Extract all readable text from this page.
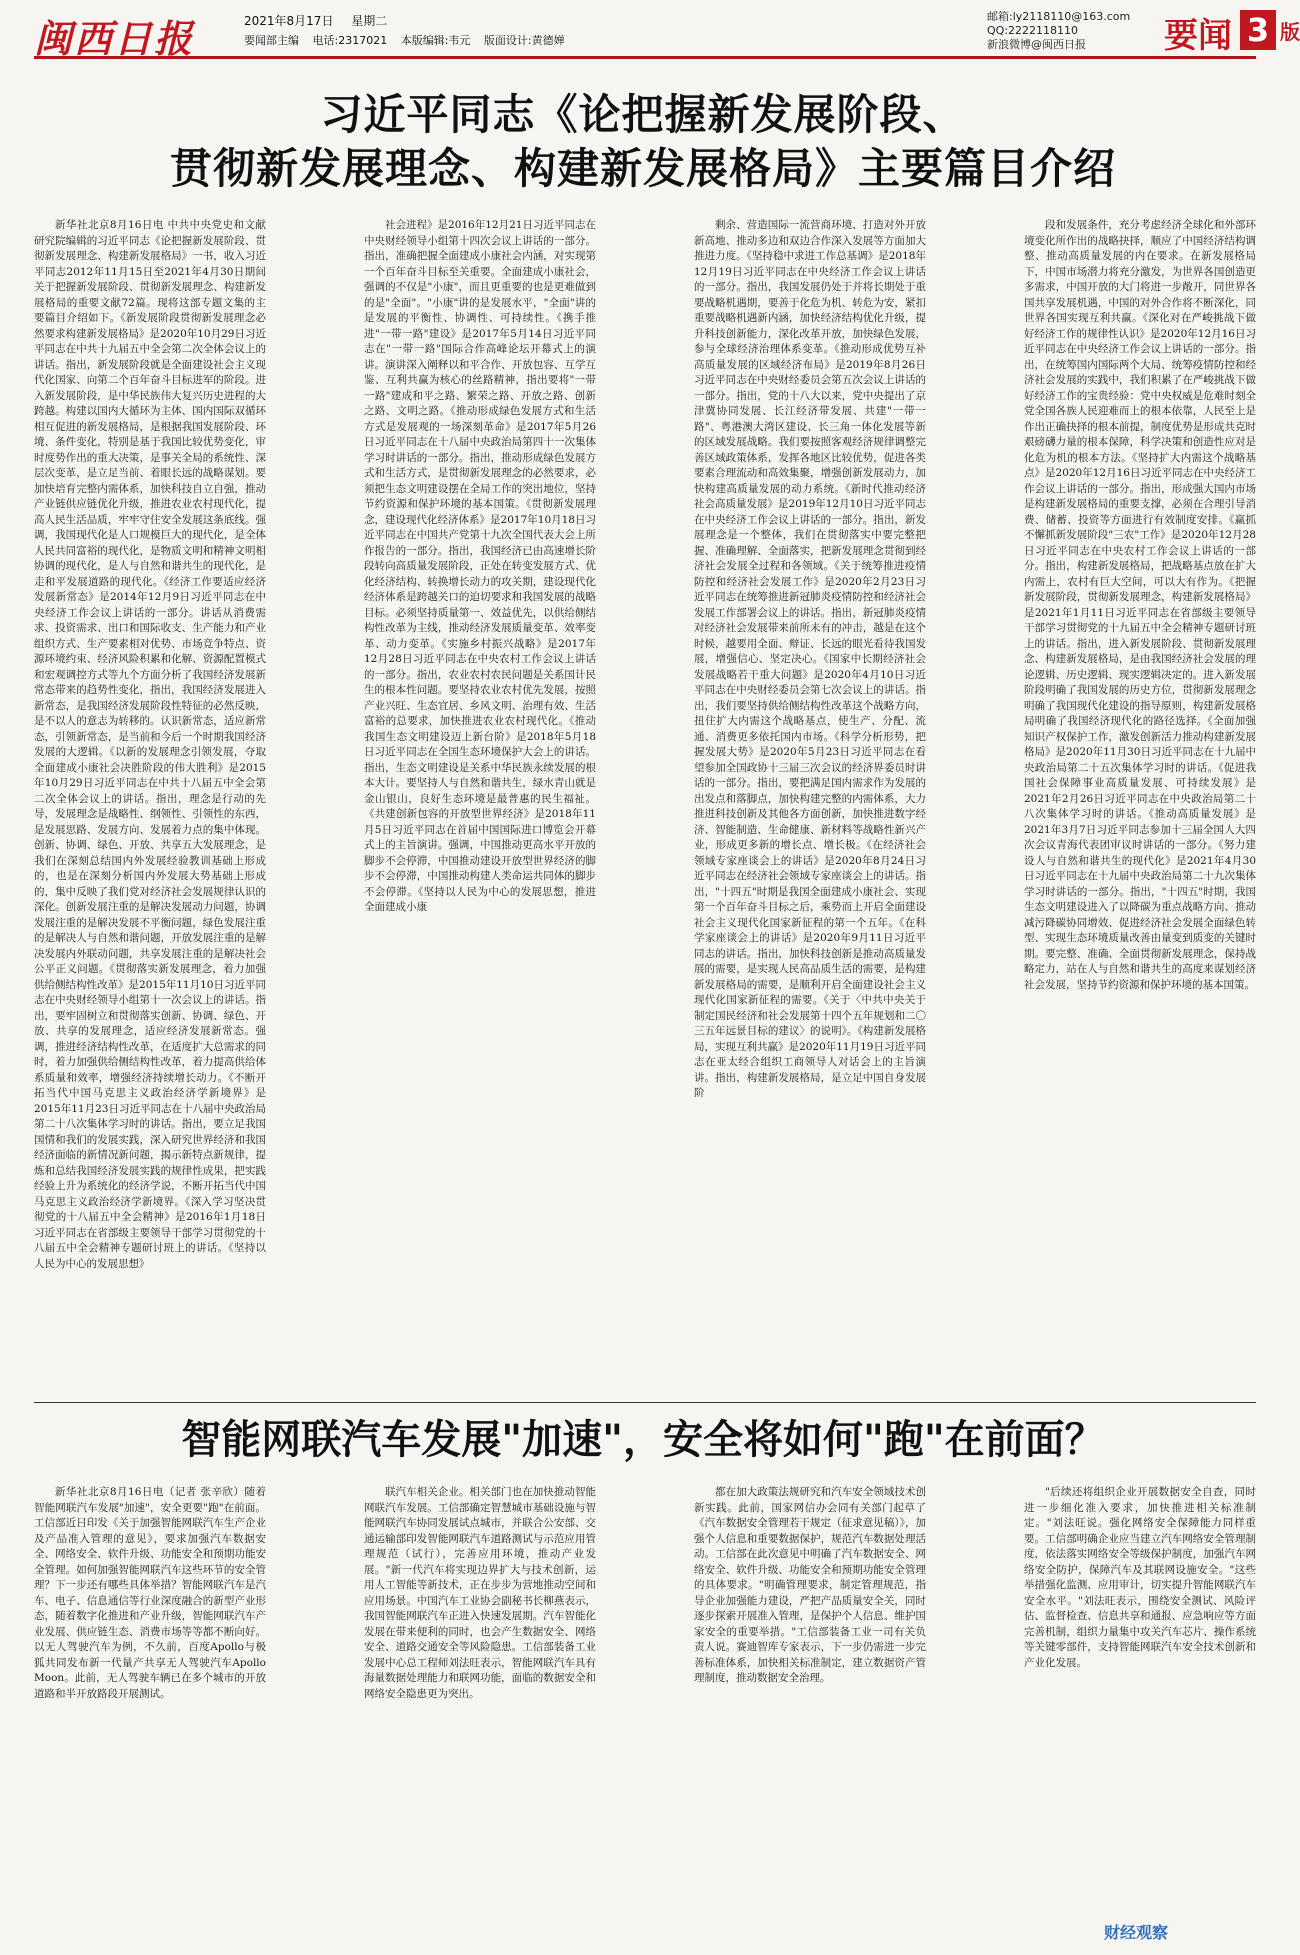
闽西日报	2021年8月17日 星期二
要闻部主编 电话:2317021 本版编辑:韦元 版面设计:黄德婵
邮箱:ly2118110@163.com
QQ:2222118110
新浪微博@闽西日报	要闻 3 版
习近平同志《论把握新发展阶段、
贯彻新发展理念、构建新发展格局》主要篇目介绍

新华社北京8月16日电 中共中央党史和文献研究院编辑的习近平同志《论把握新发展阶段、贯彻新发展理念、构建新发展格局》一书，收入习近平同志2012年11月15日至2021年4月30日期间关于把握新发展阶段、贯彻新发展理念、构建新发展格局的重要文献72篇。现将这部专题文集的主要篇目介绍如下。《新发展阶段贯彻新发展理念必然要求构建新发展格局》是2020年10月29日习近平同志在中共十九届五中全会第二次全体会议上的讲话。指出，新发展阶段就是全面建设社会主义现代化国家、向第二个百年奋斗目标进军的阶段。进入新发展阶段，是中华民族伟大复兴历史进程的大跨越。构建以国内大循环为主体、国内国际双循环相互促进的新发展格局，是根据我国发展阶段、环境、条件变化，特别是基于我国比较优势变化，审时度势作出的重大决策，是事关全局的系统性、深层次变革，是立足当前、着眼长远的战略谋划。要加快培育完整内需体系，加快科技自立自强，推动产业链供应链优化升级，推进农业农村现代化，提高人民生活品质，牢牢守住安全发展这条底线。强调，我国现代化是人口规模巨大的现代化，是全体人民共同富裕的现代化，是物质文明和精神文明相协调的现代化，是人与自然和谐共生的现代化，是走和平发展道路的现代化。《经济工作要适应经济发展新常态》是2014年12月9日习近平同志在中央经济工作会议上讲话的一部分。讲话从消费需求、投资需求、出口和国际收支、生产能力和产业组织方式、生产要素相对优势、市场竞争特点、资源环境约束、经济风险积累和化解、资源配置模式和宏观调控方式等九个方面分析了我国经济发展新常态带来的趋势性变化，指出，我国经济发展进入新常态，是我国经济发展阶段性特征的必然反映，是不以人的意志为转移的。认识新常态，适应新常态，引领新常态，是当前和今后一个时期我国经济发展的大逻辑。《以新的发展理念引领发展，夺取全面建成小康社会决胜阶段的伟大胜利》是2015年10月29日习近平同志在中共十八届五中全会第二次全体会议上的讲话。指出，理念是行动的先导，发展理念是战略性、纲领性、引领性的东西，是发展思路、发展方向、发展着力点的集中体现。创新、协调、绿色、开放、共享五大发展理念，是我们在深刻总结国内外发展经验教训基础上形成的，也是在深刻分析国内外发展大势基础上形成的，集中反映了我们党对经济社会发展规律认识的深化。创新发展注重的是解决发展动力问题，协调发展注重的是解决发展不平衡问题，绿色发展注重的是解决人与自然和谐问题，开放发展注重的是解决发展内外联动问题，共享发展注重的是解决社会公平正义问题。《贯彻落实新发展理念，着力加强供给侧结构性改革》是2015年11月10日习近平同志在中央财经领导小组第十一次会议上的讲话。指出，要牢固树立和贯彻落实创新、协调、绿色、开放、共享的发展理念，适应经济发展新常态。强调，推进经济结构性改革，在适度扩大总需求的同时，着力加强供给侧结构性改革，着力提高供给体系质量和效率，增强经济持续增长动力。《不断开拓当代中国马克思主义政治经济学新境界》是2015年11月23日习近平同志在十八届中央政治局第二十八次集体学习时的讲话。指出，要立足我国国情和我们的发展实践，深入研究世界经济和我国经济面临的新情况新问题，揭示新特点新规律，提炼和总结我国经济发展实践的规律性成果，把实践经验上升为系统化的经济学说，不断开拓当代中国马克思主义政治经济学新境界。《深入学习坚决贯彻党的十八届五中全会精神》是2016年1月18日习近平同志在省部级主要领导干部学习贯彻党的十八届五中全会精神专题研讨班上的讲话。《坚持以人民为中心的发展思想》

社会进程》是2016年12月21日习近平同志在中央财经领导小组第十四次会议上讲话的一部分。指出，准确把握全面建成小康社会内涵，对实现第一个百年奋斗目标至关重要。全面建成小康社会，强调的不仅是"小康"，而且更重要的也是更难做到的是"全面"。"小康"讲的是发展水平，"全面"讲的是发展的平衡性、协调性、可持续性。《携手推进"一带一路"建设》是2017年5月14日习近平同志在"一带一路"国际合作高峰论坛开幕式上的演讲。演讲深入阐释以和平合作、开放包容、互学互鉴、互利共赢为核心的丝路精神，指出要将"一带一路"建成和平之路、繁荣之路、开放之路、创新之路、文明之路。《推动形成绿色发展方式和生活方式是发展观的一场深刻革命》是2017年5月26日习近平同志在十八届中央政治局第四十一次集体学习时讲话的一部分。指出，推动形成绿色发展方式和生活方式，是贯彻新发展理念的必然要求，必须把生态文明建设摆在全局工作的突出地位，坚持节约资源和保护环境的基本国策。《贯彻新发展理念，建设现代化经济体系》是2017年10月18日习近平同志在中国共产党第十九次全国代表大会上所作报告的一部分。指出，我国经济已由高速增长阶段转向高质量发展阶段，正处在转变发展方式、优化经济结构、转换增长动力的攻关期，建设现代化经济体系是跨越关口的迫切要求和我国发展的战略目标。必须坚持质量第一、效益优先，以供给侧结构性改革为主线，推动经济发展质量变革、效率变革、动力变革。《实施乡村振兴战略》是2017年12月28日习近平同志在中央农村工作会议上讲话的一部分。指出，农业农村农民问题是关系国计民生的根本性问题。要坚持农业农村优先发展，按照产业兴旺、生态宜居、乡风文明、治理有效、生活富裕的总要求，加快推进农业农村现代化。《推动我国生态文明建设迈上新台阶》是2018年5月18日习近平同志在全国生态环境保护大会上的讲话。指出，生态文明建设是关系中华民族永续发展的根本大计。要坚持人与自然和谐共生，绿水青山就是金山银山，良好生态环境是最普惠的民生福祉。《共建创新包容的开放型世界经济》是2018年11月5日习近平同志在首届中国国际进口博览会开幕式上的主旨演讲。强调，中国推动更高水平开放的脚步不会停滞，中国推动建设开放型世界经济的脚步不会停滞，中国推动构建人类命运共同体的脚步不会停滞。《坚持以人民为中心的发展思想，推进全面建成小康

剩余、营造国际一流营商环境、打造对外开放新高地、推动多边和双边合作深入发展等方面加大推进力度。《坚持稳中求进工作总基调》是2018年12月19日习近平同志在中央经济工作会议上讲话的一部分。指出，我国发展仍处于并将长期处于重要战略机遇期，要善于化危为机、转危为安，紧扣重要战略机遇新内涵，加快经济结构优化升级，提升科技创新能力，深化改革开放，加快绿色发展，参与全球经济治理体系变革。《推动形成优势互补高质量发展的区域经济布局》是2019年8月26日习近平同志在中央财经委员会第五次会议上讲话的一部分。指出，党的十八大以来，党中央提出了京津冀协同发展、长江经济带发展、共建"一带一路"、粤港澳大湾区建设、长三角一体化发展等新的区域发展战略。我们要按照客观经济规律调整完善区域政策体系，发挥各地区比较优势，促进各类要素合理流动和高效集聚，增强创新发展动力，加快构建高质量发展的动力系统。《新时代推动经济社会高质量发展》是2019年12月10日习近平同志在中央经济工作会议上讲话的一部分。指出，新发展理念是一个整体，我们在贯彻落实中要完整把握、准确理解、全面落实，把新发展理念贯彻到经济社会发展全过程和各领域。《关于统筹推进疫情防控和经济社会发展工作》是2020年2月23日习近平同志在统筹推进新冠肺炎疫情防控和经济社会发展工作部署会议上的讲话。指出，新冠肺炎疫情对经济社会发展带来前所未有的冲击，越是在这个时候，越要用全面、辩证、长远的眼光看待我国发展，增强信心、坚定决心。《国家中长期经济社会发展战略若干重大问题》是2020年4月10日习近平同志在中央财经委员会第七次会议上的讲话。指出，我们要坚持供给侧结构性改革这个战略方向，扭住扩大内需这个战略基点，使生产、分配、流通、消费更多依托国内市场。《科学分析形势，把握发展大势》是2020年5月23日习近平同志在看望参加全国政协十三届三次会议的经济界委员时讲话的一部分。指出，要把满足国内需求作为发展的出发点和落脚点，加快构建完整的内需体系，大力推进科技创新及其他各方面创新，加快推进数字经济、智能制造、生命健康、新材料等战略性新兴产业，形成更多新的增长点、增长极。《在经济社会领域专家座谈会上的讲话》是2020年8月24日习近平同志在经济社会领域专家座谈会上的讲话。指出，"十四五"时期是我国全面建成小康社会、实现第一个百年奋斗目标之后，乘势而上开启全面建设社会主义现代化国家新征程的第一个五年。《在科学家座谈会上的讲话》是2020年9月11日习近平同志的讲话。指出，加快科技创新是推动高质量发展的需要，是实现人民高品质生活的需要，是构建新发展格局的需要，是顺利开启全面建设社会主义现代化国家新征程的需要。《关于〈中共中央关于制定国民经济和社会发展第十四个五年规划和二〇三五年远景目标的建议〉的说明》。《构建新发展格局，实现互利共赢》是2020年11月19日习近平同志在亚太经合组织工商领导人对话会上的主旨演讲。指出，构建新发展格局，是立足中国自身发展阶

段和发展条件，充分考虑经济全球化和外部环境变化所作出的战略抉择，顺应了中国经济结构调整、推动高质量发展的内在要求。在新发展格局下，中国市场潜力将充分激发，为世界各国创造更多需求，中国开放的大门将进一步敞开，同世界各国共享发展机遇，中国的对外合作将不断深化，同世界各国实现互利共赢。《深化对在严峻挑战下做好经济工作的规律性认识》是2020年12月16日习近平同志在中央经济工作会议上讲话的一部分。指出，在统筹国内国际两个大局、统筹疫情防控和经济社会发展的实践中，我们积累了在严峻挑战下做好经济工作的宝贵经验：党中央权威是危难时刻全党全国各族人民迎难而上的根本依靠，人民至上是作出正确抉择的根本前提，制度优势是形成共克时艰磅礴力量的根本保障，科学决策和创造性应对是化危为机的根本方法。《坚持扩大内需这个战略基点》是2020年12月16日习近平同志在中央经济工作会议上讲话的一部分。指出，形成强大国内市场是构建新发展格局的重要支撑，必须在合理引导消费、储蓄、投资等方面进行有效制度安排。《赢抓不懈抓新发展阶段"三农"工作》是2020年12月28日习近平同志在中央农村工作会议上讲话的一部分。指出，构建新发展格局，把战略基点放在扩大内需上，农村有巨大空间，可以大有作为。《把握新发展阶段，贯彻新发展理念，构建新发展格局》是2021年1月11日习近平同志在省部级主要领导干部学习贯彻党的十九届五中全会精神专题研讨班上的讲话。指出，进入新发展阶段、贯彻新发展理念、构建新发展格局，是由我国经济社会发展的理论逻辑、历史逻辑、现实逻辑决定的。进入新发展阶段明确了我国发展的历史方位，贯彻新发展理念明确了我国现代化建设的指导原则，构建新发展格局明确了我国经济现代化的路径选择。《全面加强知识产权保护工作，激发创新活力推动构建新发展格局》是2020年11月30日习近平同志在十九届中央政治局第二十五次集体学习时的讲话。《促进我国社会保障事业高质量发展、可持续发展》是2021年2月26日习近平同志在中央政治局第二十八次集体学习时的讲话。《推动高质量发展》是2021年3月7日习近平同志参加十三届全国人大四次会议青海代表团审议时讲话的一部分。《努力建设人与自然和谐共生的现代化》是2021年4月30日习近平同志在十九届中央政治局第二十九次集体学习时讲话的一部分。指出，"十四五"时期，我国生态文明建设进入了以降碳为重点战略方向、推动减污降碳协同增效、促进经济社会发展全面绿色转型、实现生态环境质量改善由量变到质变的关键时期。要完整、准确、全面贯彻新发展理念，保持战略定力，站在人与自然和谐共生的高度来谋划经济社会发展，坚持节约资源和保护环境的基本国策。

智能网联汽车发展"加速"，安全将如何"跑"在前面？

新华社北京8月16日电（记者 张辛欣）随着智能网联汽车发展"加速"，安全更要"跑"在前面。工信部近日印发《关于加强智能网联汽车生产企业及产品准入管理的意见》，要求加强汽车数据安全、网络安全、软件升级、功能安全和预期功能安全管理。如何加强智能网联汽车这些环节的安全管理？下一步还有哪些具体举措？智能网联汽车是汽车、电子、信息通信等行业深度融合的新型产业形态，随着数字化推进和产业升级，智能网联汽车产业发展、供应链生态、消费市场等等都不断向好。以无人驾驶汽车为例，不久前，百度Apollo与极狐共同发布新一代量产共享无人驾驶汽车Apollo Moon。此前，无人驾驶车辆已在多个城市的开放道路和半开放路段开展测试。

联汽车相关企业。相关部门也在加快推动智能网联汽车发展。工信部确定智慧城市基础设施与智能网联汽车协同发展试点城市，并联合公安部、交通运输部印发智能网联汽车道路测试与示范应用管理规范（试行），完善应用环境，推动产业发展。"新一代汽车将实现边界扩大与技术创新，运用人工智能等新技术，正在步步为营地推动空间和应用场景。中国汽车工业协会副秘书长柳燕表示，我国智能网联汽车正进入快速发展期。汽车智能化发展在带来便利的同时，也会产生数据安全、网络安全、道路交通安全等风险隐患。工信部装备工业发展中心总工程师刘法旺表示，智能网联汽车具有海量数据处理能力和联网功能，面临的数据安全和网络安全隐患更为突出。

都在加大政策法规研究和汽车安全领域技术创新实践。此前，国家网信办会同有关部门起草了《汽车数据安全管理若干规定（征求意见稿）》，加强个人信息和重要数据保护，规范汽车数据处理活动。工信部在此次意见中明确了汽车数据安全、网络安全、软件升级、功能安全和预期功能安全管理的具体要求。"明确管理要求，制定管理规范，指导企业加强能力建设，严把产品质量安全关，同时逐步探索开展准入管理，是保护个人信息、维护国家安全的重要举措。"工信部装备工业一司有关负责人说。赛迪智库专家表示，下一步仍需进一步完善标准体系，加快相关标准制定，建立数据资产管理制度，推动数据安全治理。

"后续还将组织企业开展数据安全自查，同时进一步细化准入要求，加快推进相关标准制定。"刘法旺说。强化网络安全保障能力同样重要。工信部明确企业应当建立汽车网络安全管理制度，依法落实网络安全等级保护制度，加强汽车网络安全防护，保障汽车及其联网设施安全。"这些举措强化监测、应用审计，切实提升智能网联汽车安全水平。"刘法旺表示，围绕安全测试、风险评估、监督检查、信息共享和通报、应急响应等方面完善机制，组织力量集中攻关汽车芯片、操作系统等关键零部件，支持智能网联汽车安全技术创新和产业化发展。

财经观察
